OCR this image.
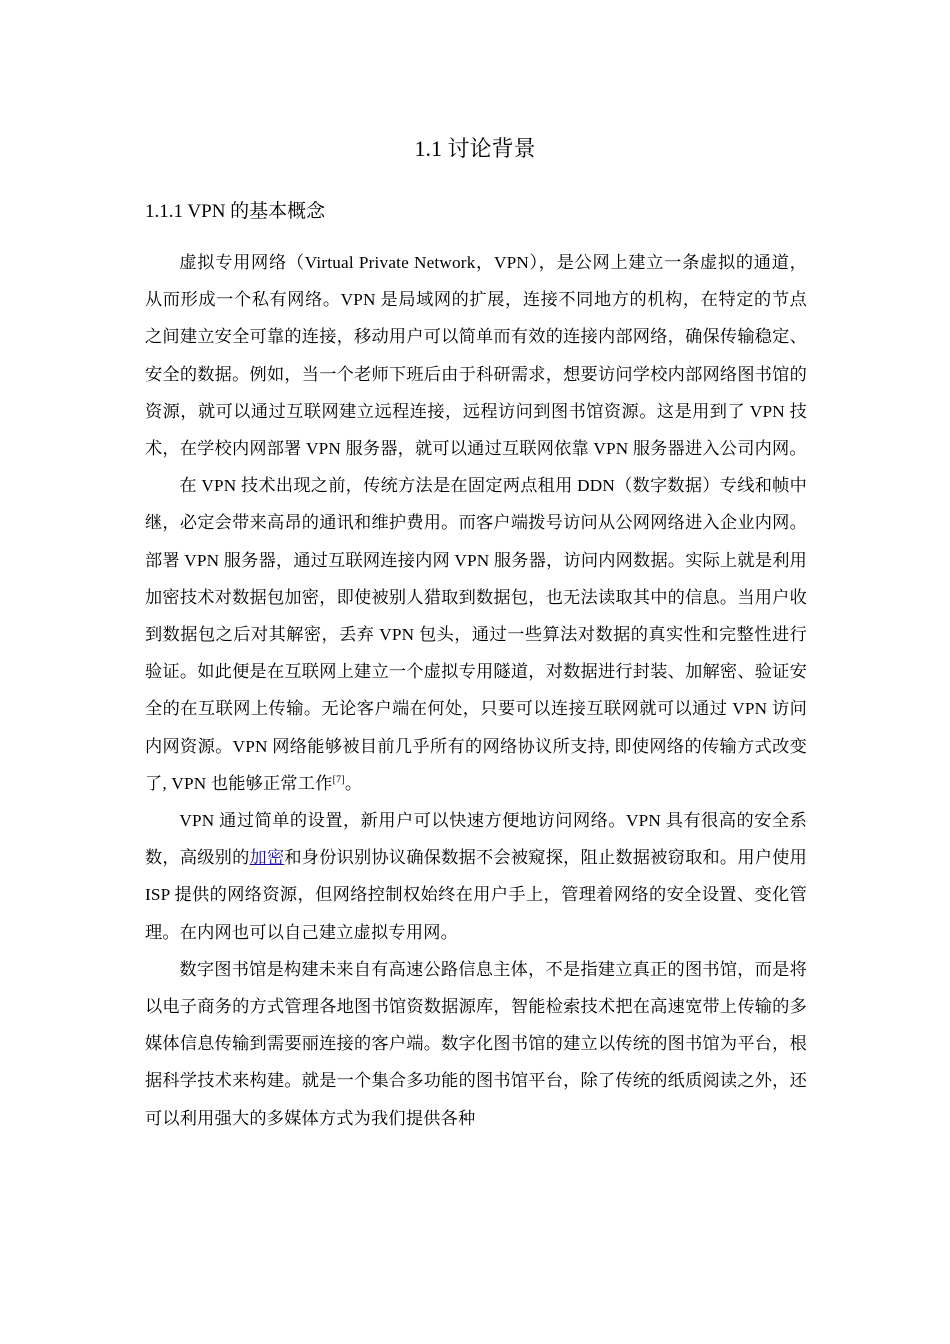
1.1 讨论背景
1.1.1 VPN 的基本概念

虚拟专用网络（Virtual Private Network，VPN），是公网上建立一条虚拟的通道，从而形成一个私有网络。VPN 是局域网的扩展，连接不同地方的机构，在特定的节点之间建立安全可靠的连接，移动用户可以简单而有效的连接内部网络，确保传输稳定、安全的数据。例如，当一个老师下班后由于科研需求，想要访问学校内部网络图书馆的资源，就可以通过互联网建立远程连接，远程访问到图书馆资源。这是用到了 VPN 技术，在学校内网部署 VPN 服务器，就可以通过互联网依靠 VPN 服务器进入公司内网。

在 VPN 技术出现之前，传统方法是在固定两点租用 DDN（数字数据）专线和帧中继，必定会带来高昂的通讯和维护费用。而客户端拨号访问从公网网络进入企业内网。部署 VPN 服务器，通过互联网连接内网 VPN 服务器，访问内网数据。实际上就是利用加密技术对数据包加密，即使被别人猎取到数据包，也无法读取其中的信息。当用户收到数据包之后对其解密，丢弃 VPN 包头，通过一些算法对数据的真实性和完整性进行验证。如此便是在互联网上建立一个虚拟专用隧道，对数据进行封装、加解密、验证安全的在互联网上传输。无论客户端在何处，只要可以连接互联网就可以通过 VPN 访问内网资源。VPN 网络能够被目前几乎所有的网络协议所支持, 即使网络的传输方式改变了, VPN 也能够正常工作[7]。

VPN 通过简单的设置，新用户可以快速方便地访问网络。VPN 具有很高的安全系数，高级别的加密和身份识别协议确保数据不会被窥探，阻止数据被窃取和。用户使用 ISP 提供的网络资源，但网络控制权始终在用户手上，管理着网络的安全设置、变化管理。在内网也可以自己建立虚拟专用网。

数字图书馆是构建未来自有高速公路信息主体，不是指建立真正的图书馆，而是将以电子商务的方式管理各地图书馆资数据源库，智能检索技术把在高速宽带上传输的多媒体信息传输到需要丽连接的客户端。数字化图书馆的建立以传统的图书馆为平台，根据科学技术来构建。就是一个集合多功能的图书馆平台，除了传统的纸质阅读之外，还可以利用强大的多媒体方式为我们提供各种
